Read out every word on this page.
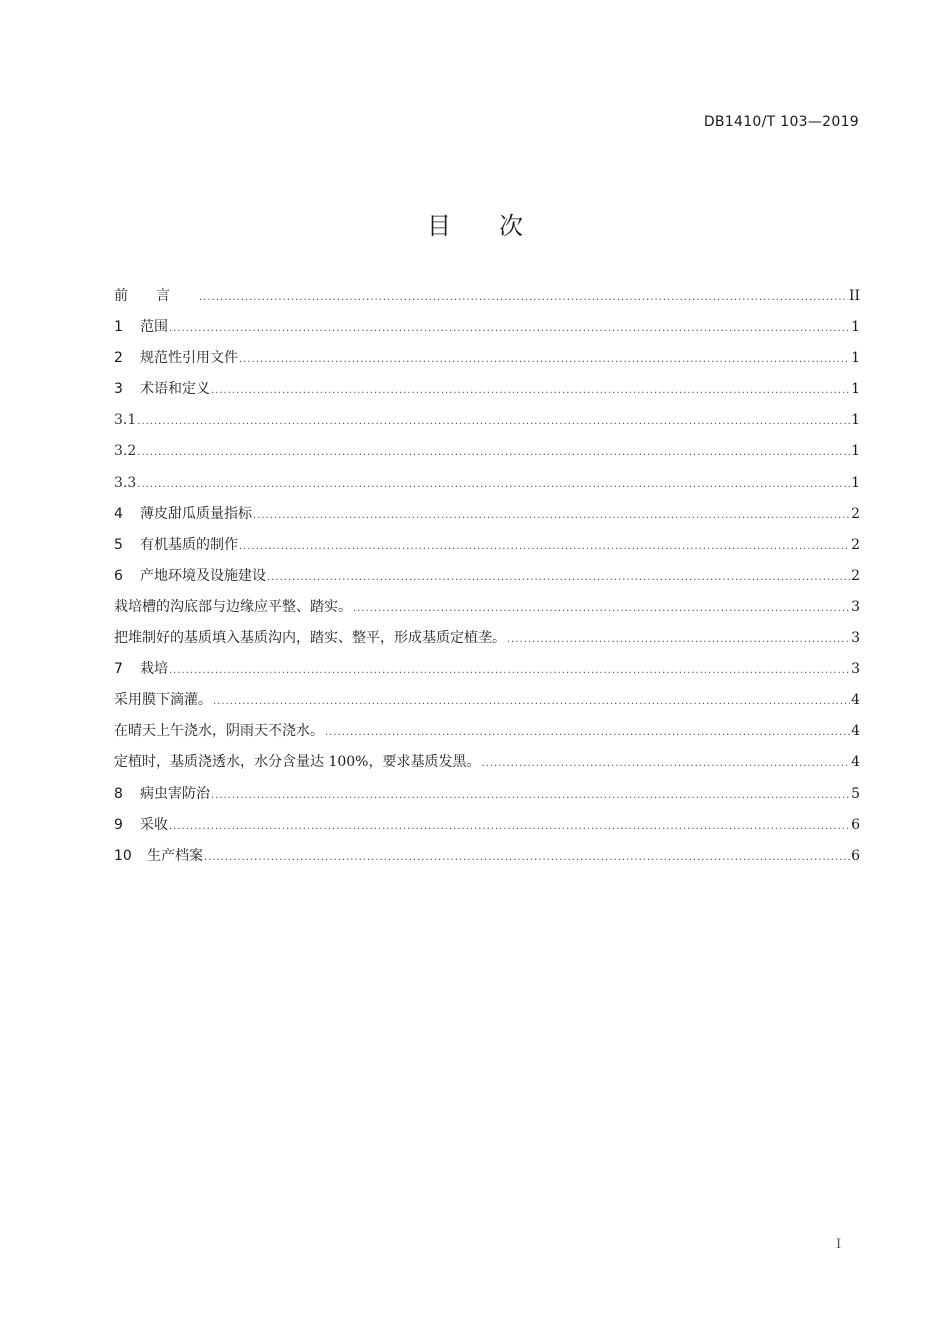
DB1410/T 103—2019
目次
前言 .....	II
1	范围 .....	1
2	规范性引用文件 .....	1
3	术语和定义 .....	1
3.1 .....	1
3.2 .....	1
3.3 .....	1
4	薄皮甜瓜质量指标 .....	2
5	有机基质的制作 .....	2
6	产地环境及设施建设 .....	2
栽培槽的沟底部与边缘应平整、踏实。 .....	3
把堆制好的基质填入基质沟内，踏实、整平，形成基质定植垄。 .....	3
7	栽培 .....	3
采用膜下滴灌。 .....	4
在晴天上午浇水，阴雨天不浇水。 .....	4
定植时，基质浇透水，水分含量达 100%，要求基质发黑。 .....	4
8	病虫害防治 .....	5
9	采收 .....	6
10	生产档案 .....	6
I
